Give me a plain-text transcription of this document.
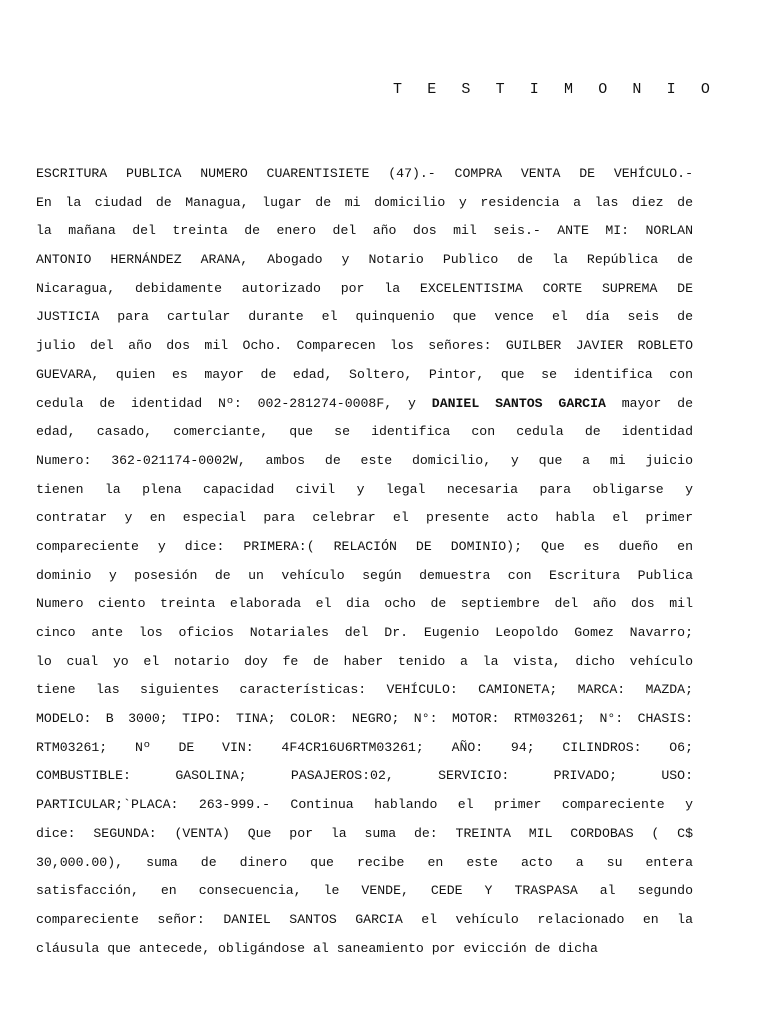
T E S T I M O N I O
ESCRITURA PUBLICA NUMERO CUARENTISIETE (47).- COMPRA VENTA DE VEHÍCULO.-
En la ciudad de Managua, lugar de mi domicilio y residencia a las diez de
la mañana del treinta de enero del año dos mil seis.- ANTE MI: NORLAN
ANTONIO HERNÁNDEZ ARANA, Abogado y Notario Publico de la República de
Nicaragua, debidamente autorizado por la EXCELENTISIMA CORTE SUPREMA DE
JUSTICIA para cartular durante el quinquenio que vence el día seis de
julio del año dos mil Ocho. Comparecen los señores: GUILBER JAVIER ROBLETO
GUEVARA, quien es mayor de edad, Soltero, Pintor, que se identifica con
cedula de identidad Nº: 002-281274-0008F, y DANIEL SANTOS GARCIA mayor de
edad, casado, comerciante, que se identifica con cedula de identidad
Numero: 362-021174-0002W, ambos de este domicilio, y que a mi juicio
tienen la plena capacidad civil y legal necesaria para obligarse y
contratar y en especial para celebrar el presente acto habla el primer
compareciente y dice: PRIMERA:( RELACIÓN DE DOMINIO); Que es dueño en
dominio y posesión de un vehículo según demuestra con Escritura Publica
Numero ciento treinta elaborada el dia ocho de septiembre del año dos mil
cinco ante los oficios Notariales del Dr. Eugenio Leopoldo Gomez Navarro;
lo cual yo el notario doy fe de haber tenido a la vista, dicho vehículo
tiene las siguientes características: VEHÍCULO: CAMIONETA; MARCA: MAZDA;
MODELO: B 3000; TIPO: TINA; COLOR: NEGRO; N°: MOTOR: RTM03261; N°: CHASIS:
RTM03261; Nº DE VIN: 4F4CR16U6RTM03261; AÑO: 94; CILINDROS: O6;
COMBUSTIBLE: GASOLINA; PASAJEROS:02, SERVICIO: PRIVADO; USO:
PARTICULAR;`PLACA: 263-999.- Continua hablando el primer compareciente y
dice: SEGUNDA: (VENTA) Que por la suma de: TREINTA MIL CORDOBAS ( C$
30,000.00), suma de dinero que recibe en este acto a su entera
satisfacción, en consecuencia, le VENDE, CEDE Y TRASPASA al segundo
compareciente señor: DANIEL SANTOS GARCIA el vehículo relacionado en la
cláusula que antecede, obligándose al saneamiento por evicción de dicha
